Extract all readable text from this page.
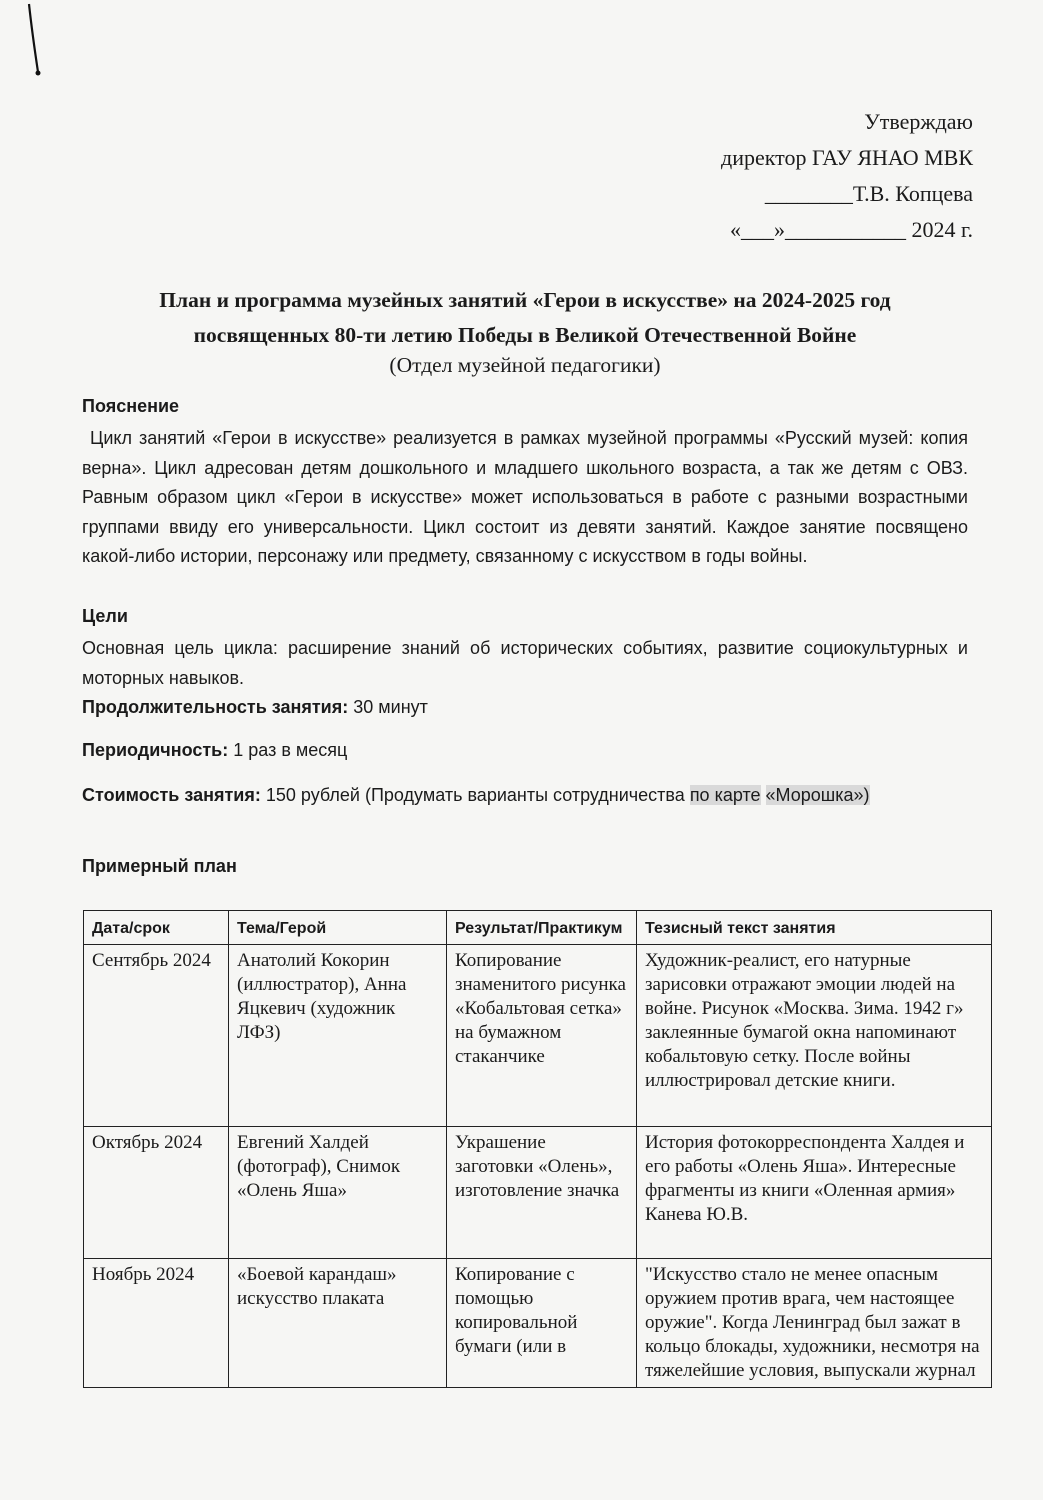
Утверждаю
директор ГАУ ЯНАО МВК
________Т.В. Копцева
«___»___________ 2024 г.
План и программа музейных занятий «Герои в искусстве» на 2024-2025 год
посвященных 80-ти летию Победы в Великой Отечественной Войне
(Отдел музейной педагогики)
Пояснение
Цикл занятий «Герои в искусстве» реализуется в рамках музейной программы «Русский музей: копия верна». Цикл адресован детям дошкольного и младшего школьного возраста, а так же детям с ОВЗ. Равным образом цикл «Герои в искусстве» может использоваться в работе с разными возрастными группами ввиду его универсальности. Цикл состоит из девяти занятий. Каждое занятие посвящено какой-либо истории, персонажу или предмету, связанному с искусством в годы войны.
Цели
Основная цель цикла: расширение знаний об исторических событиях, развитие социокультурных и моторных навыков.
Продолжительность занятия: 30 минут
Периодичность: 1 раз в месяц
Стоимость занятия: 150 рублей (Продумать варианты сотрудничества по карте «Морошка»)
Примерный план
Дата/срок	Тема/Герой	Результат/Практикум	Тезисный текст занятия
Сентябрь 2024	Анатолий Кокорин (иллюстратор), Анна Яцкевич (художник ЛФЗ)	Копирование знаменитого рисунка «Кобальтовая сетка» на бумажном стаканчике	Художник-реалист, его натурные зарисовки отражают эмоции людей на войне. Рисунок «Москва. Зима. 1942 г» заклеянные бумагой окна напоминают кобальтовую сетку. После войны иллюстрировал детские книги.
Октябрь 2024	Евгений Халдей (фотограф), Снимок «Олень Яша»	Украшение заготовки «Олень», изготовление значка	История фотокорреспондента Халдея и его работы «Олень Яша». Интересные фрагменты из книги «Оленная армия» Канева Ю.В.
Ноябрь 2024	«Боевой карандаш» искусство плаката	Копирование с помощью копировальной бумаги (или в	"Искусство стало не менее опасным оружием против врага, чем настоящее оружие". Когда Ленинград был зажат в кольцо блокады, художники, несмотря на тяжелейшие условия, выпускали журнал
